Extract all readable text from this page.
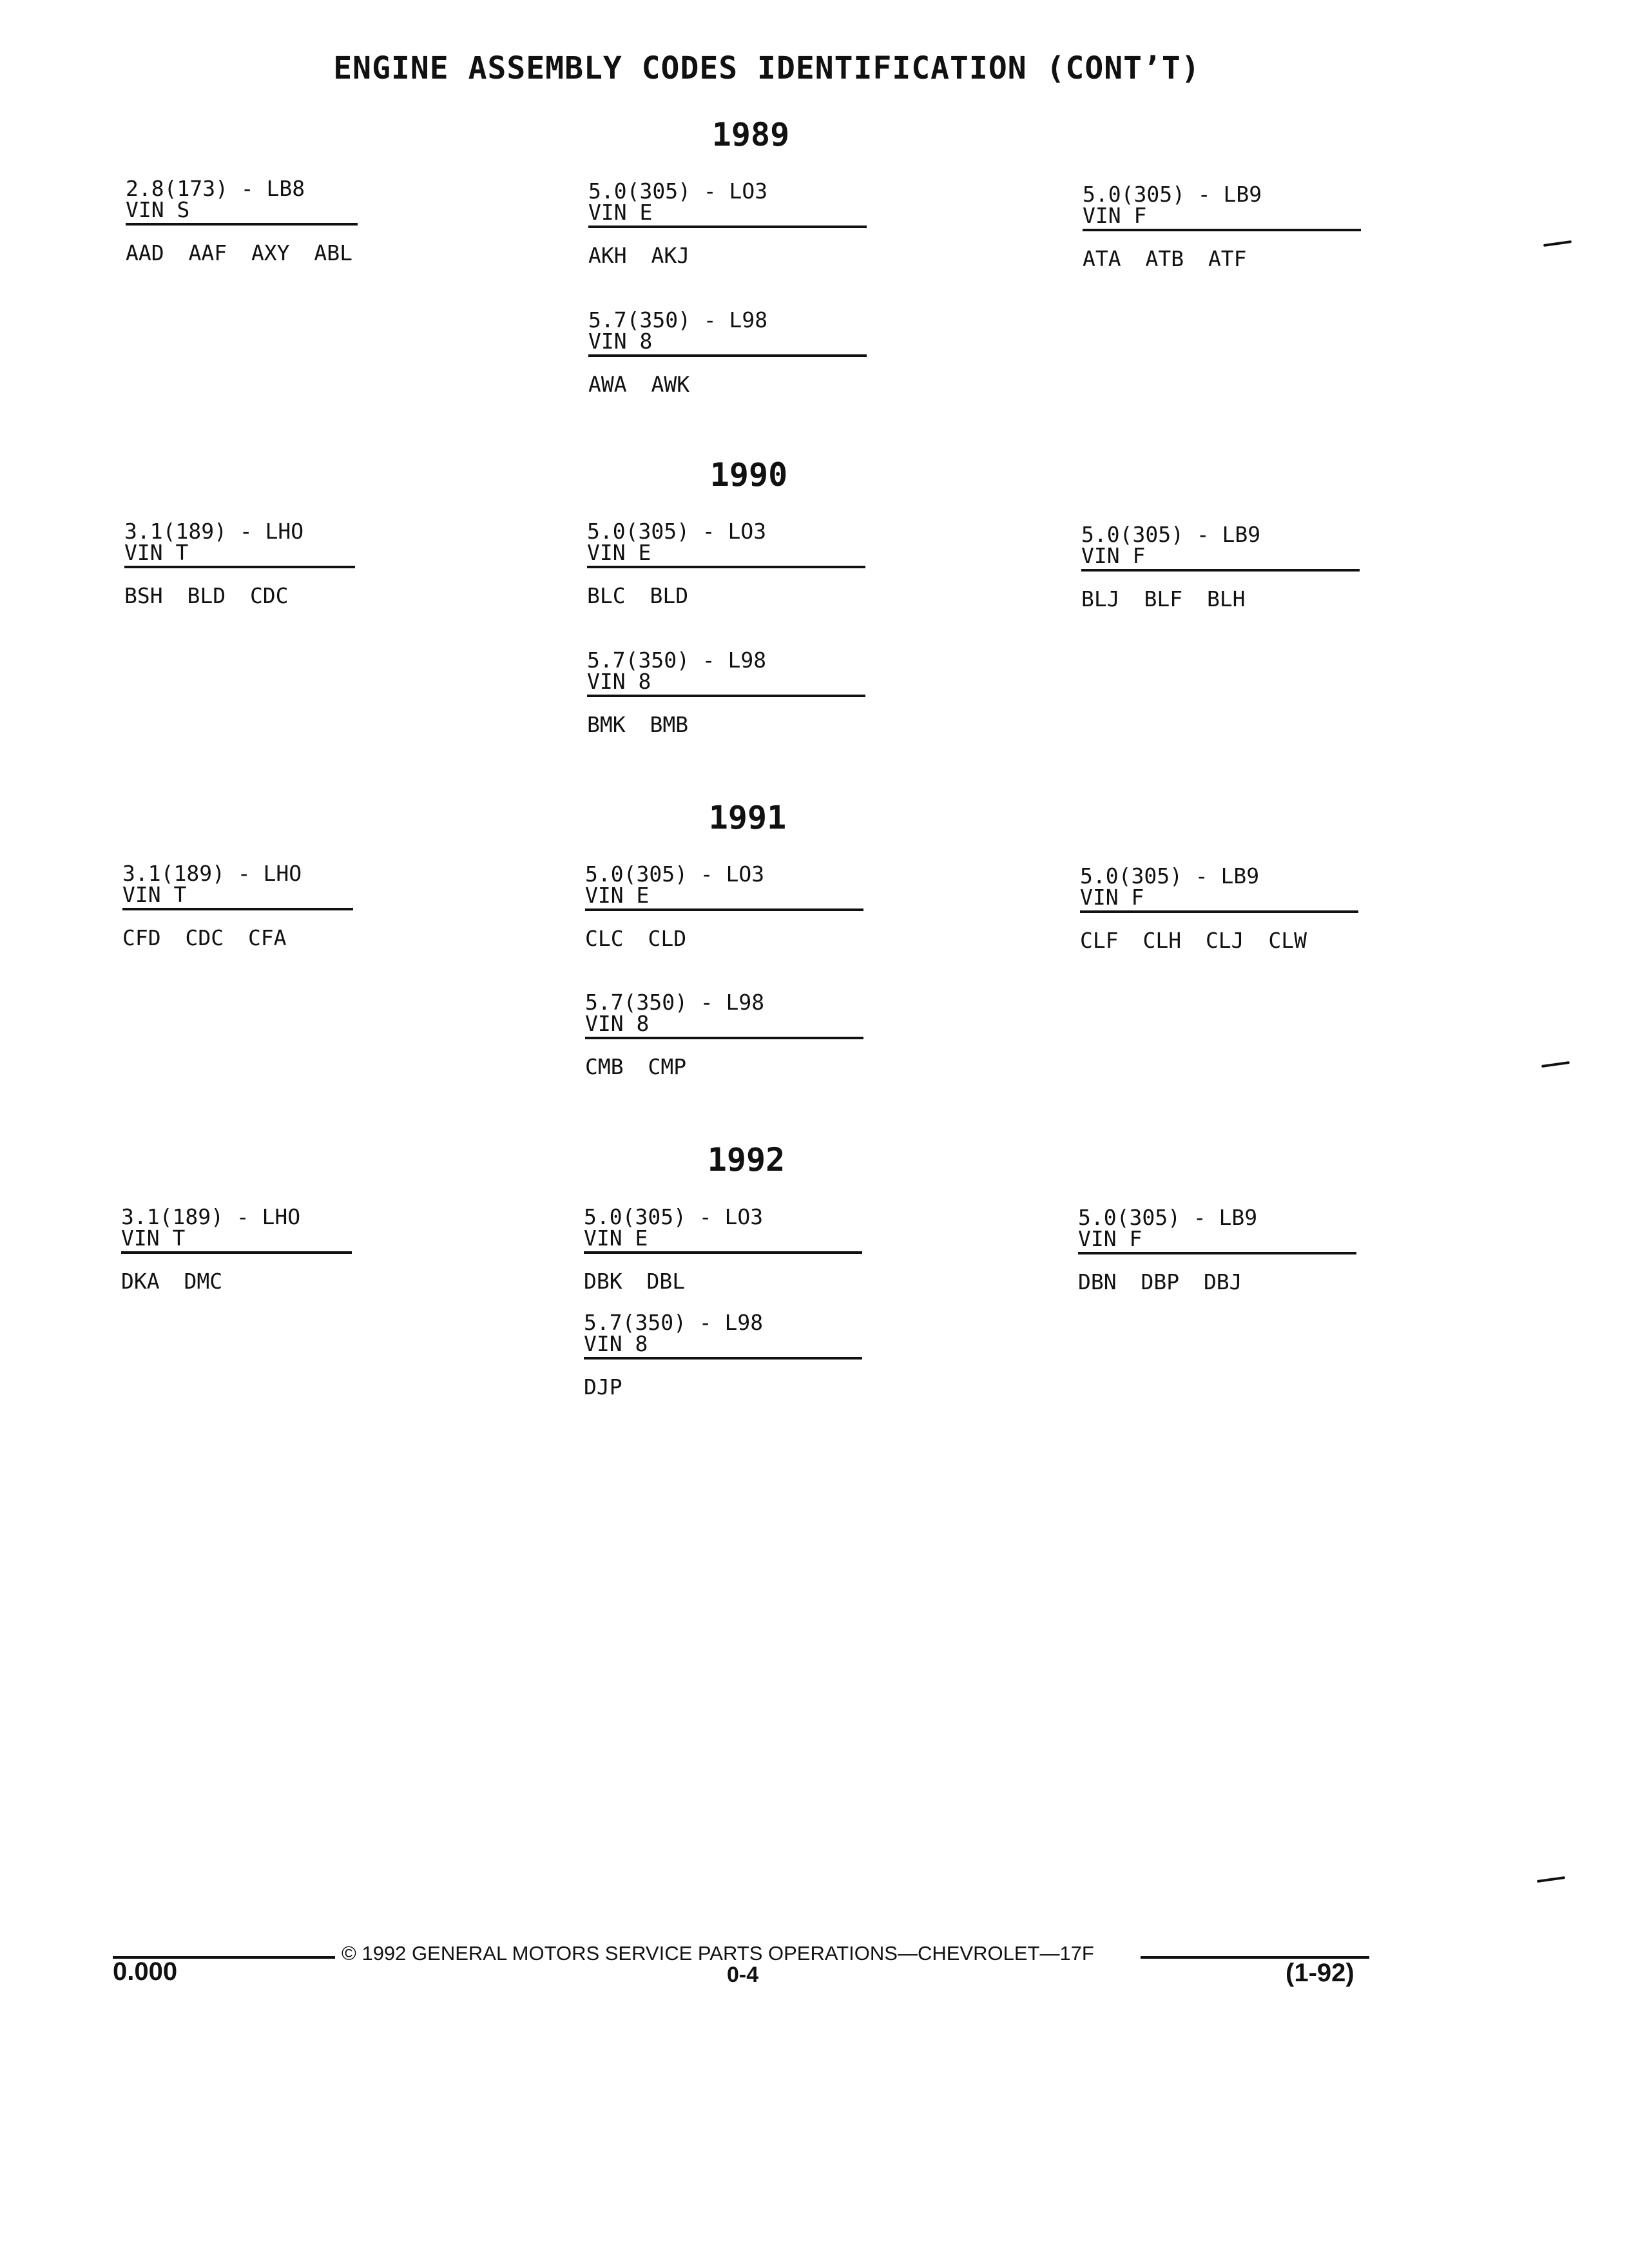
ENGINE ASSEMBLY CODES IDENTIFICATION (CONT’T)
1989
2.8(173) - LB8
VIN S
AAD AAF AXY ABL
5.0(305) - LO3
VIN E
AKH AKJ
5.7(350) - L98
VIN 8
AWA AWK
5.0(305) - LB9
VIN F
ATA ATB ATF
1990
3.1(189) - LHO
VIN T
BSH BLD CDC
5.0(305) - LO3
VIN E
BLC BLD
5.7(350) - L98
VIN 8
BMK BMB
5.0(305) - LB9
VIN F
BLJ BLF BLH
1991
3.1(189) - LHO
VIN T
CFD CDC CFA
5.0(305) - LO3
VIN E
CLC CLD
5.7(350) - L98
VIN 8
CMB CMP
5.0(305) - LB9
VIN F
CLF CLH CLJ CLW
1992
3.1(189) - LHO
VIN T
DKA DMC
5.0(305) - LO3
VIN E
DBK DBL
5.7(350) - L98
VIN 8
DJP
5.0(305) - LB9
VIN F
DBN DBP DBJ
© 1992 GENERAL MOTORS SERVICE PARTS OPERATIONS—CHEVROLET—17F
0.000	0-4	(1-92)
